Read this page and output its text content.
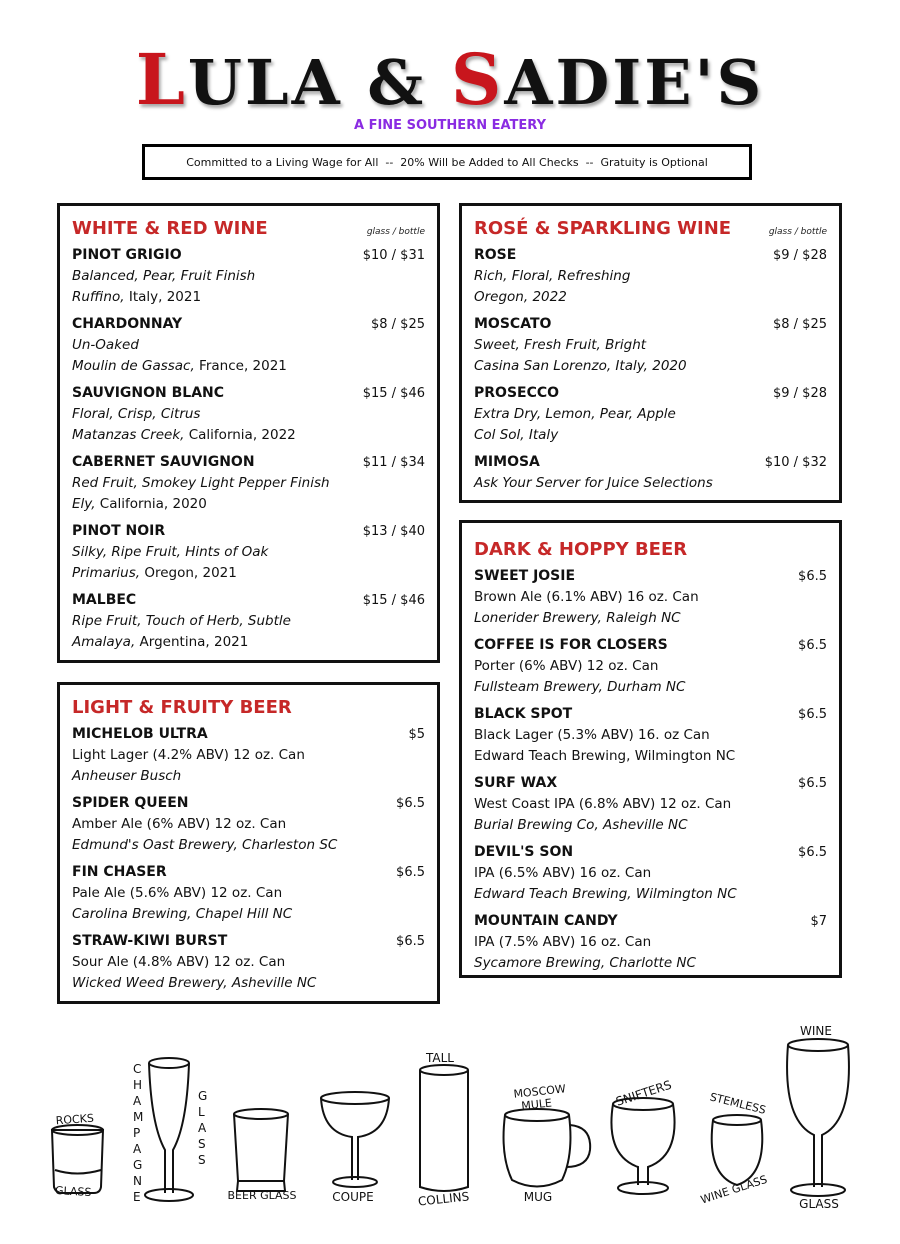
LULA & SADIE'S
A FINE SOUTHERN EATERY
Committed to a Living Wage for All  --  20% Will be Added to All Checks  --  Gratuity is Optional
WHITE & RED WINE	glass / bottle
PINOT GRIGIO	$10 / $31
Balanced, Pear, Fruit Finish
Ruffino, Italy, 2021
CHARDONNAY	$8 / $25
Un-Oaked
Moulin de Gassac, France, 2021
SAUVIGNON BLANC	$15 / $46
Floral, Crisp, Citrus
Matanzas Creek, California, 2022
CABERNET SAUVIGNON	$11 / $34
Red Fruit, Smokey Light Pepper Finish
Ely, California, 2020
PINOT NOIR	$13 / $40
Silky, Ripe Fruit, Hints of Oak
Primarius, Oregon, 2021
MALBEC	$15 / $46
Ripe Fruit, Touch of Herb, Subtle
Amalaya, Argentina, 2021
ROSÉ & SPARKLING WINE	glass / bottle
ROSE	$9 / $28
Rich, Floral, Refreshing
Oregon, 2022
MOSCATO	$8 / $25
Sweet, Fresh Fruit, Bright
Casina San Lorenzo, Italy, 2020
PROSECCO	$9 / $28
Extra Dry, Lemon, Pear, Apple
Col Sol, Italy
MIMOSA	$10 / $32
Ask Your Server for Juice Selections
LIGHT & FRUITY BEER
MICHELOB ULTRA	$5
Light Lager (4.2% ABV) 12 oz. Can
Anheuser Busch
SPIDER QUEEN	$6.5
Amber Ale (6% ABV) 12 oz. Can
Edmund's Oast Brewery, Charleston SC
FIN CHASER	$6.5
Pale Ale (5.6% ABV) 12 oz. Can
Carolina Brewing, Chapel Hill NC
STRAW-KIWI BURST	$6.5
Sour Ale (4.8% ABV) 12 oz. Can
Wicked Weed Brewery, Asheville NC
DARK & HOPPY BEER
SWEET JOSIE	$6.5
Brown Ale (6.1% ABV) 16 oz. Can
Lonerider Brewery, Raleigh NC
COFFEE IS FOR CLOSERS	$6.5
Porter (6% ABV) 12 oz. Can
Fullsteam Brewery, Durham NC
BLACK SPOT	$6.5
Black Lager (5.3% ABV) 16. oz Can
Edward Teach Brewing, Wilmington NC
SURF WAX	$6.5
West Coast IPA (6.8% ABV) 12 oz. Can
Burial Brewing Co, Asheville NC
DEVIL'S SON	$6.5
IPA (6.5% ABV) 16 oz. Can
Edward Teach Brewing, Wilmington NC
MOUNTAIN CANDY	$7
IPA (7.5% ABV) 16 oz. Can
Sycamore Brewing, Charlotte NC
ROCKS
GLASS
C H A M P A G N E
G L A S S
BEER GLASS	COUPE
TALL
COLLINS
MOSCOW
MULE
MUG
SNIFTERS	STEMLESS
WINE GLASS
WINE
GLASS
